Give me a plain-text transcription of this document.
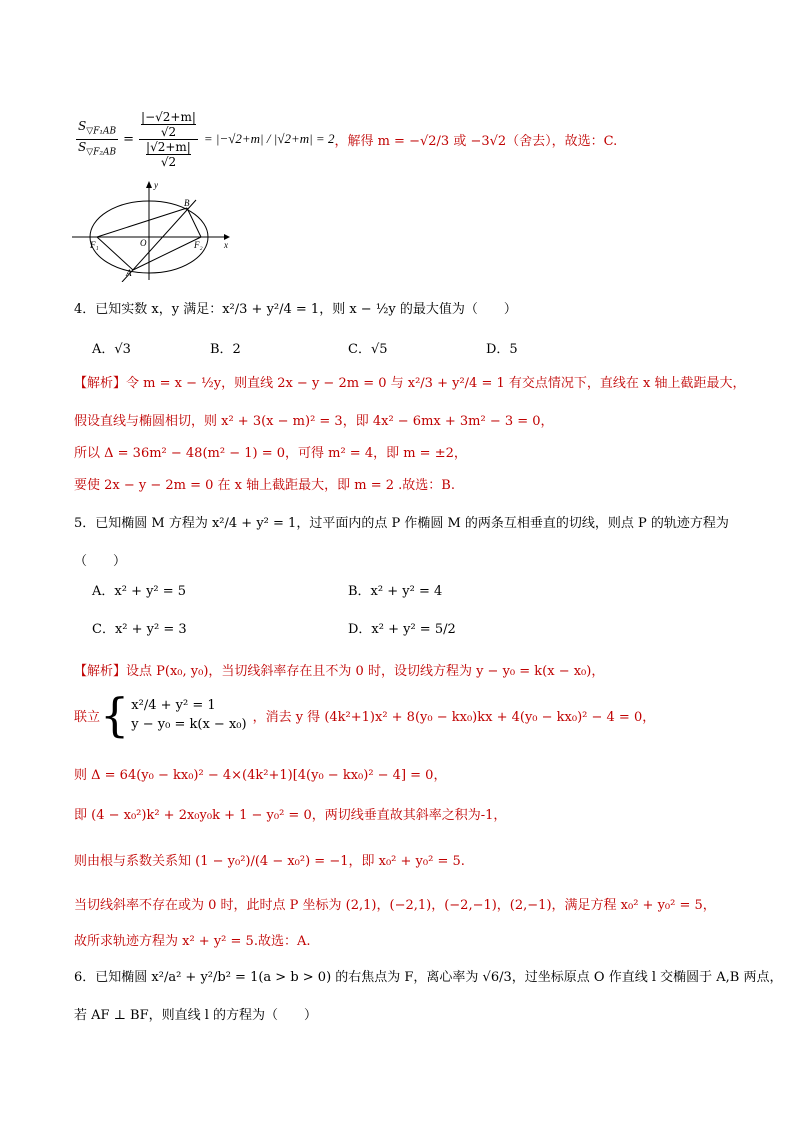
$\frac{S_{▽F_1AB}}{S_{▽F_2AB}} = |-√2+m|$
√2
|√2+m|
√2 = |−√2+m| / |√2+m| = 2 ，解得 m = −√2/3 或 −3√2（舍去），故选：C.
y
x
O
F₁	F₂
A
B
4．已知实数 x，y 满足：x²/3 + y²/4 = 1，则 x − ½y 的最大值为（　　）
A．√3	B．2	C．√5	D．5
【解析】令 m = x − ½y，则直线 2x − y − 2m = 0 与 x²/3 + y²/4 = 1 有交点情况下，直线在 x 轴上截距最大，
假设直线与椭圆相切，则 x² + 3(x − m)² = 3，即 4x² − 6mx + 3m² − 3 = 0，
所以 Δ = 36m² − 48(m² − 1) = 0，可得 m² = 4，即 m = ±2，
要使 2x − y − 2m = 0 在 x 轴上截距最大，即 m = 2 .故选：B.
5．已知椭圆 M 方程为 x²/4 + y² = 1，过平面内的点 P 作椭圆 M 的两条互相垂直的切线，则点 P 的轨迹方程为
（　　）
A．x² + y² = 5	B．x² + y² = 4
C．x² + y² = 3	D．x² + y² = 5/2
【解析】设点 P(x₀, y₀)，当切线斜率存在且不为 0 时，设切线方程为 y − y₀ = k(x − x₀)，
联立 { x²/4 + y² = 1
y − y₀ = k(x − x₀) ，消去 y 得 (4k²+1)x² + 8(y₀ − kx₀)kx + 4(y₀ − kx₀)² − 4 = 0，
则 Δ = 64(y₀ − kx₀)² − 4×(4k²+1)[4(y₀ − kx₀)² − 4] = 0，
即 (4 − x₀²)k² + 2x₀y₀k + 1 − y₀² = 0，两切线垂直故其斜率之积为-1，
则由根与系数关系知 (1 − y₀²)/(4 − x₀²) = −1，即 x₀² + y₀² = 5.
当切线斜率不存在或为 0 时，此时点 P 坐标为 (2,1)，(−2,1)，(−2,−1)，(2,−1)，满足方程 x₀² + y₀² = 5，
故所求轨迹方程为 x² + y² = 5.故选：A.
6．已知椭圆 x²/a² + y²/b² = 1(a > b > 0) 的右焦点为 F，离心率为 √6/3，过坐标原点 O 作直线 l 交椭圆于 A,B 两点，
若 AF ⊥ BF，则直线 l 的方程为（　　）
